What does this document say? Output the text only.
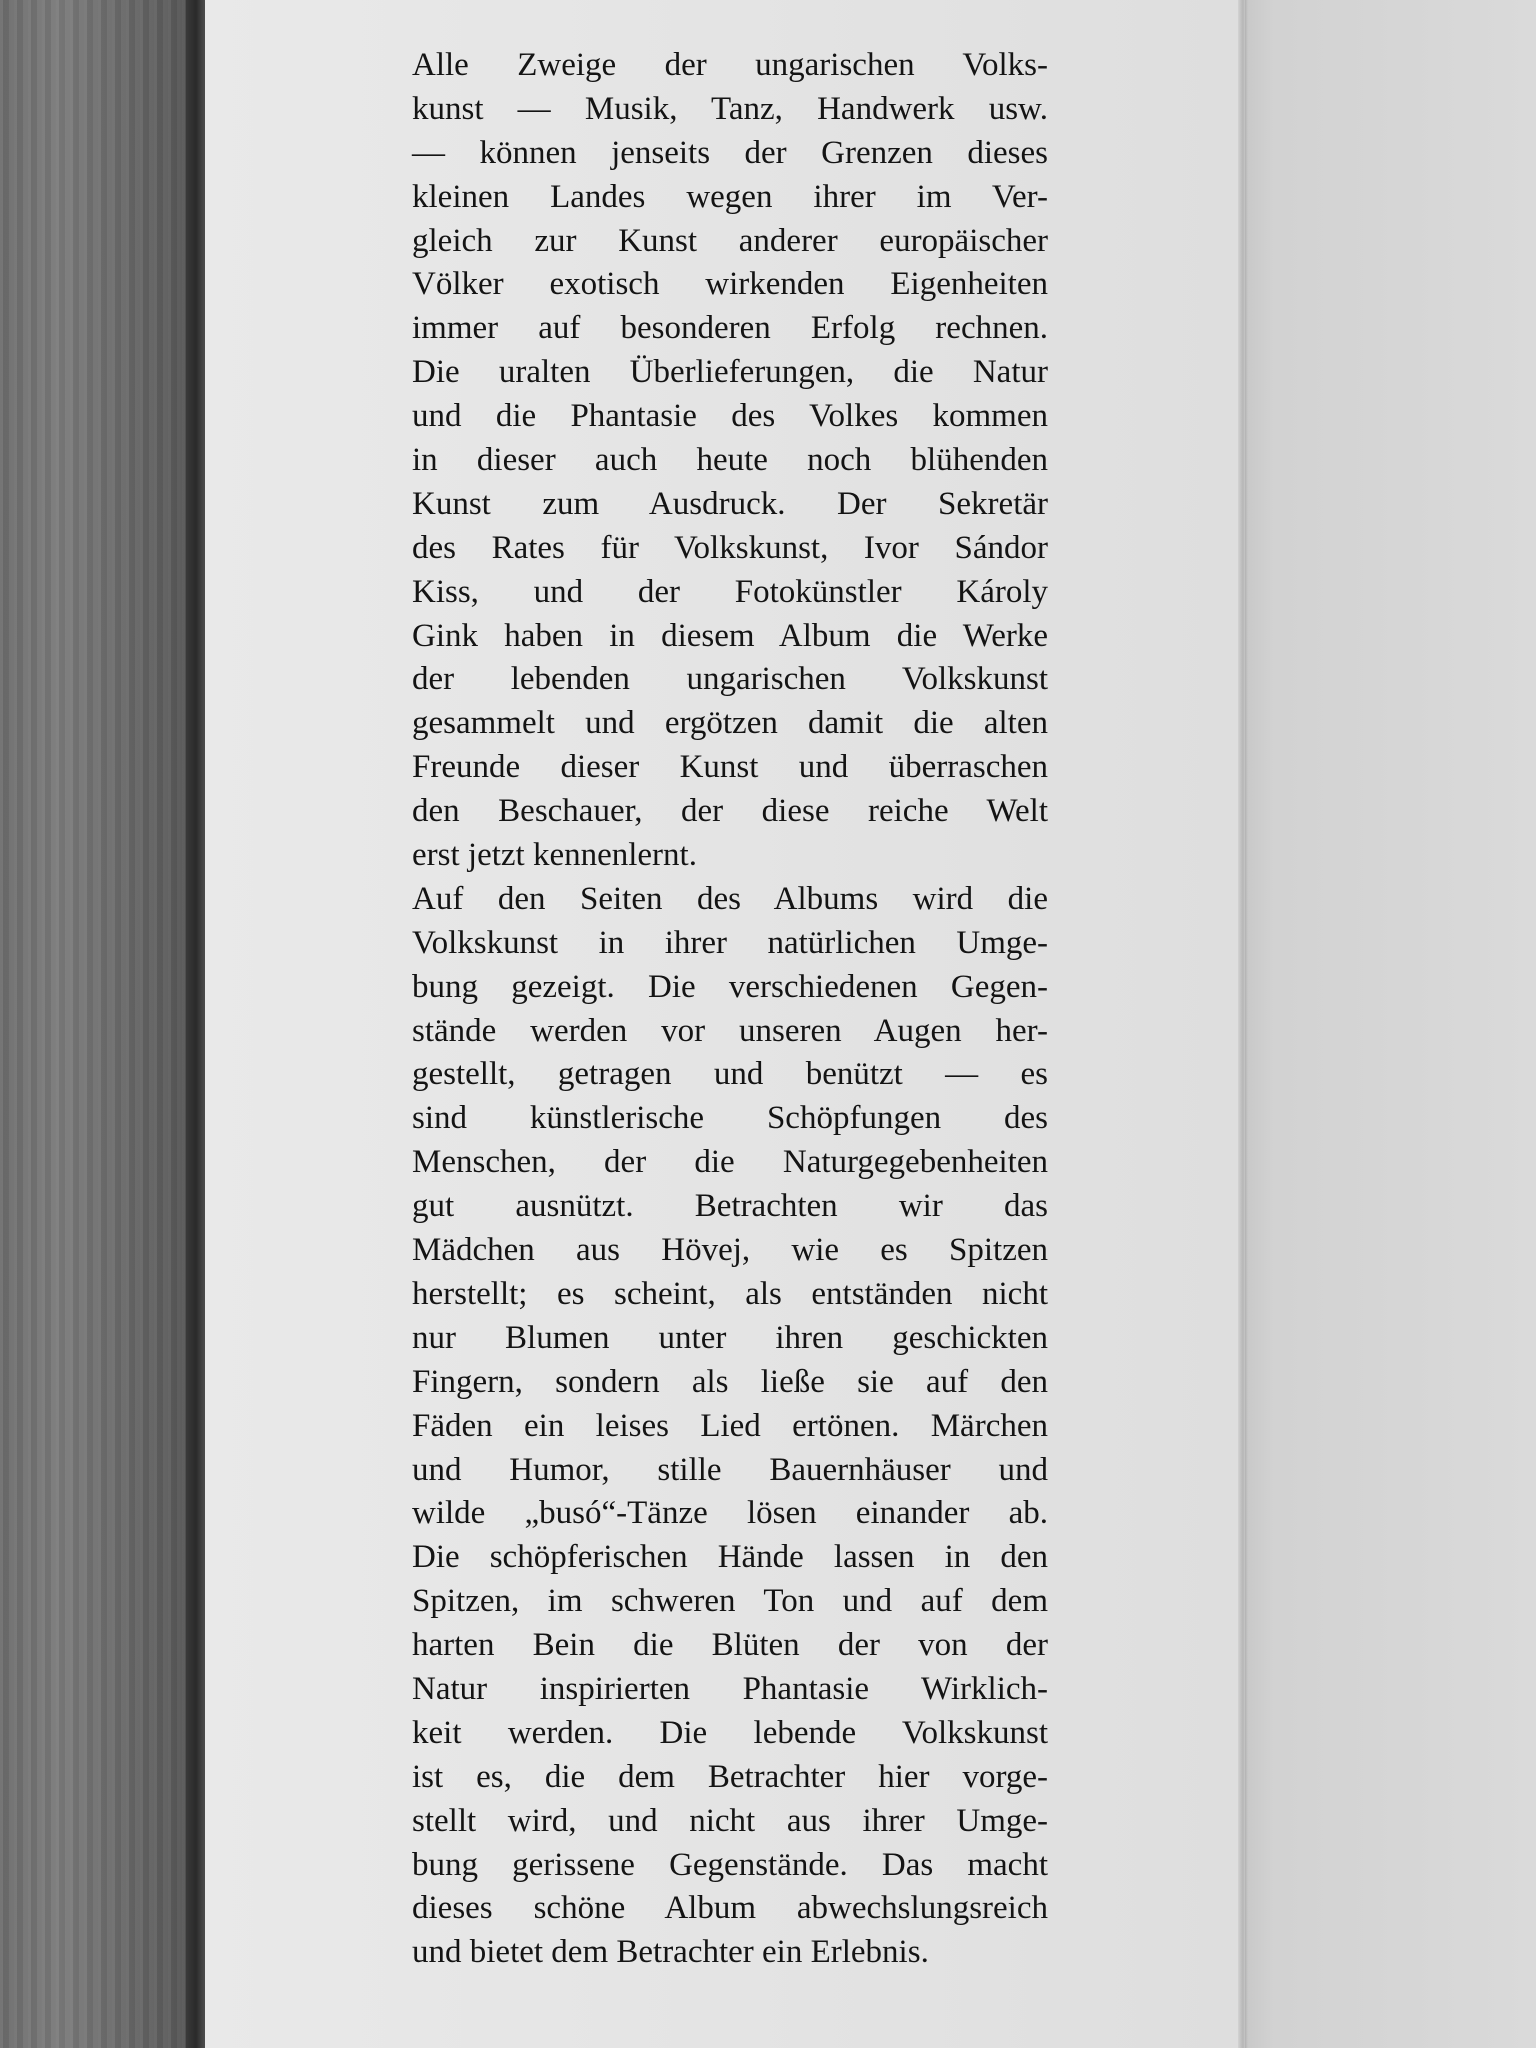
Alle Zweige der ungarischen Volks-
kunst — Musik, Tanz, Handwerk usw.
— können jenseits der Grenzen dieses
kleinen Landes wegen ihrer im Ver-
gleich zur Kunst anderer europäischer
Völker exotisch wirkenden Eigenheiten
immer auf besonderen Erfolg rechnen.
Die uralten Überlieferungen, die Natur
und die Phantasie des Volkes kommen
in dieser auch heute noch blühenden
Kunst zum Ausdruck. Der Sekretär
des Rates für Volkskunst, Ivor Sándor
Kiss, und der Fotokünstler Károly
Gink haben in diesem Album die Werke
der lebenden ungarischen Volkskunst
gesammelt und ergötzen damit die alten
Freunde dieser Kunst und überraschen
den Beschauer, der diese reiche Welt
erst jetzt kennenlernt.
Auf den Seiten des Albums wird die
Volkskunst in ihrer natürlichen Umge-
bung gezeigt. Die verschiedenen Gegen-
stände werden vor unseren Augen her-
gestellt, getragen und benützt — es
sind künstlerische Schöpfungen des
Menschen, der die Naturgegebenheiten
gut ausnützt. Betrachten wir das
Mädchen aus Hövej, wie es Spitzen
herstellt; es scheint, als entständen nicht
nur Blumen unter ihren geschickten
Fingern, sondern als ließe sie auf den
Fäden ein leises Lied ertönen. Märchen
und Humor, stille Bauernhäuser und
wilde „busó“-Tänze lösen einander ab.
Die schöpferischen Hände lassen in den
Spitzen, im schweren Ton und auf dem
harten Bein die Blüten der von der
Natur inspirierten Phantasie Wirklich-
keit werden. Die lebende Volkskunst
ist es, die dem Betrachter hier vorge-
stellt wird, und nicht aus ihrer Umge-
bung gerissene Gegenstände. Das macht
dieses schöne Album abwechslungsreich
und bietet dem Betrachter ein Erlebnis.
